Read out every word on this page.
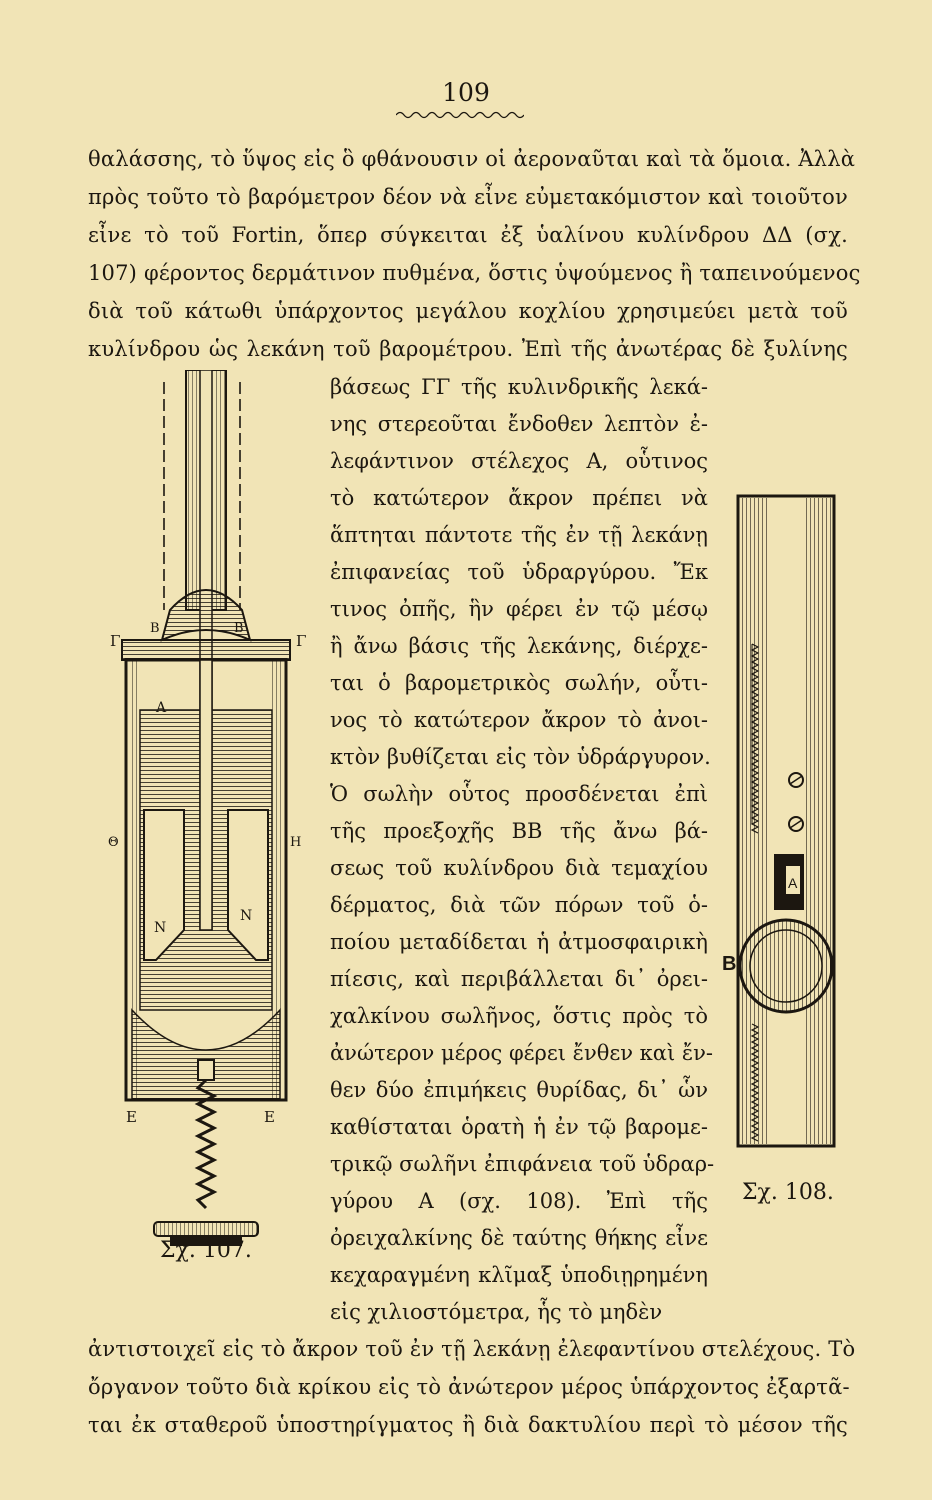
109
θαλάσσης, τὸ ὕψος εἰς ὃ φθάνουσιν οἱ ἀεροναῦται καὶ τὰ ὅμοια. Ἀλλὰ
πρὸς τοῦτο τὸ βαρόμετρον δέον νὰ εἶνε εὐμετακόμιστον καὶ τοιοῦτον
εἶνε τὸ τοῦ Fortin, ὅπερ σύγκειται ἐξ ὑαλίνου κυλίνδρου ΔΔ (σχ.
107) φέροντος δερμάτινον πυθμένα, ὅστις ὑψούμενος ἢ ταπεινούμενος
διὰ τοῦ κάτωθι ὑπάρχοντος μεγάλου κοχλίου χρησιμεύει μετὰ τοῦ
κυλίνδρου ὡς λεκάνη τοῦ βαρομέτρου. Ἐπὶ τῆς ἀνωτέρας δὲ ξυλίνης
βάσεως ΓΓ τῆς κυλινδρικῆς λεκά-
νης στερεοῦται ἔνδοθεν λεπτὸν ἐ-
λεφάντινον στέλεχος Α, οὗτινος
τὸ κατώτερον ἄκρον πρέπει νὰ
ἅπτηται πάντοτε τῆς ἐν τῇ λεκάνῃ
ἐπιφανείας τοῦ ὑδραργύρου. Ἔκ
τινος ὀπῆς, ἣν φέρει ἐν τῷ μέσῳ
ἢ ἄνω βάσις τῆς λεκάνης, διέρχε-
ται ὁ βαρομετρικὸς σωλήν, οὗτι-
νος τὸ κατώτερον ἄκρον τὸ ἀνοι-
κτὸν βυθίζεται εἰς τὸν ὑδράργυρον.
Ὁ σωλὴν οὗτος προσδένεται ἐπὶ
τῆς προεξοχῆς ΒΒ τῆς ἄνω βά-
σεως τοῦ κυλίνδρου διὰ τεμαχίου
δέρματος, διὰ τῶν πόρων τοῦ ὁ-
ποίου μεταδίδεται ἡ ἀτμοσφαιρικὴ
πίεσις, καὶ περιβάλλεται δι᾽ ὀρει-
χαλκίνου σωλῆνος, ὅστις πρὸς τὸ
ἀνώτερον μέρος φέρει ἔνθεν καὶ ἔν-
θεν δύο ἐπιμήκεις θυρίδας, δι᾽ ὧν
καθίσταται ὁρατὴ ἡ ἐν τῷ βαρομε-
τρικῷ σωλῆνι ἐπιφάνεια τοῦ ὑδραρ-
γύρου Α (σχ. 108). Ἐπὶ τῆς
ὀρειχαλκίνης δὲ ταύτης θήκης εἶνε
κεχαραγμένη κλῖμαξ ὑποδιῃρημένη
εἰς χιλιοστόμετρα, ἧς τὸ μηδὲν
ἀντιστοιχεῖ εἰς τὸ ἄκρον τοῦ ἐν τῇ λεκάνῃ ἐλεφαντίνου στελέχους. Τὸ
ὄργανον τοῦτο διὰ κρίκου εἰς τὸ ἀνώτερον μέρος ὑπάρχοντος ἐξαρτᾶ-
ται ἐκ σταθεροῦ ὑποστηρίγματος ἢ διὰ δακτυλίου περὶ τὸ μέσον τῆς
Γ	Γ
Β	Β
Α
Μ	Μ
Ν
Ν
Θ	Η
Ε	Ε
Σχ. 107.
A
B
Σχ. 108.
